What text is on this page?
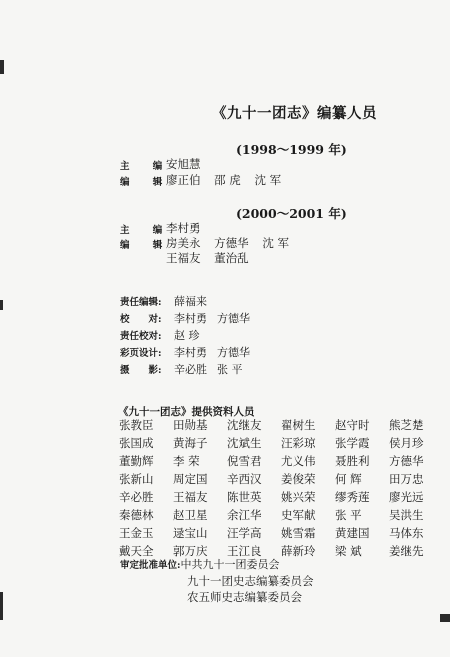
《九十一团志》编纂人员
(1998～1999 年)
主 编
安旭慧
编 辑
廖正伯 邵 虎 沈 军
(2000～2001 年)
主 编
李村勇
编 辑
房美永 方德华 沈 军
王福友 董治乱
责任编辑: 薛福来
校　　对: 李村勇 方德华
责任校对: 赵 珍
彩页设计: 李村勇 方德华
摄　　影: 辛必胜 张 平
《九十一团志》提供资料人员
张教臣	田勋基	沈继友	翟树生	赵守时	熊芝楚
张国成	黄海子	沈斌生	汪彩琼	张学霞	侯月珍
董勤辉	李 荣	倪雪君	尤义伟	聂胜利	方德华
张新山	周定国	辛西汉	姜俊荣	何 辉	田万忠
辛必胜	王福友	陈世英	姚兴荣	缪秀莲	廖光远
秦德林	赵卫星	余江华	史军献	张 平	吴洪生
王金玉	逯宝山	汪学高	姚雪霜	黄建国	马体东
戴天全	郭万庆	王江良	薛新玲	梁 斌	姜继先
审定批准单位:中共九十一团委员会
九十一团史志编纂委员会
农五师史志编纂委员会
